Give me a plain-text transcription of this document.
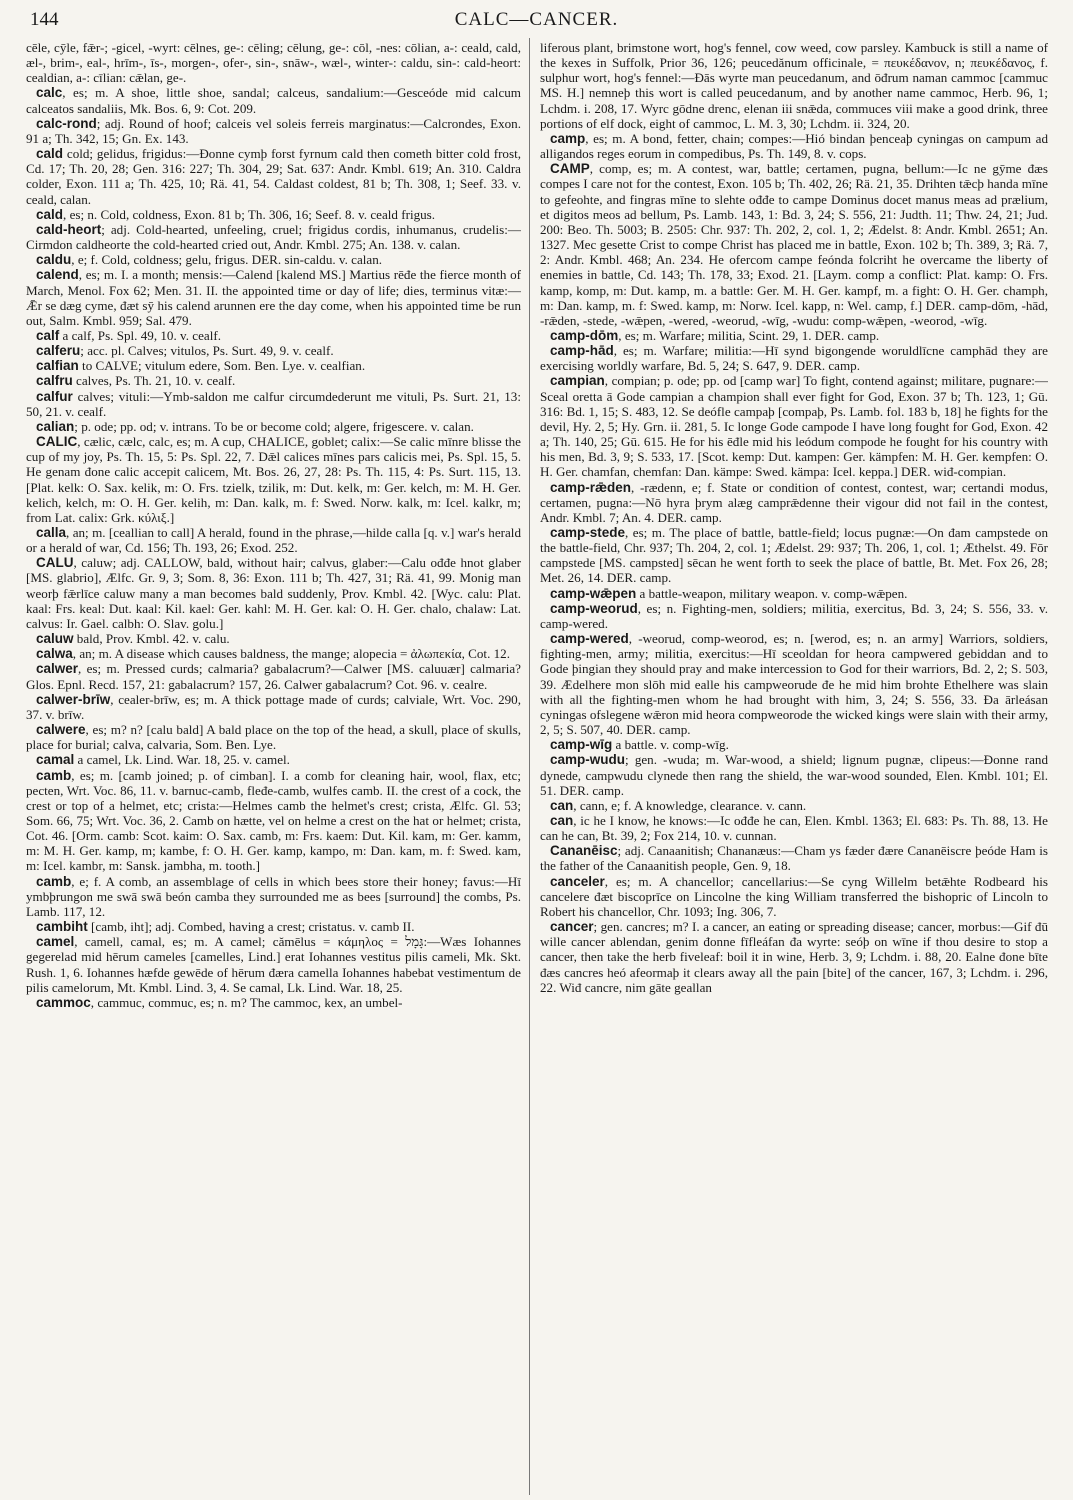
144	CALC—CANCER.

cēle, cȳle, fǣr-; -gicel, -wyrt: cēlnes, ge-: cēling; cēlung, ge-: cōl, -nes: cōlian, a-: ceald, cald, æl-, brim-, eal-, hrīm-, īs-, morgen-, ofer-, sin-, snāw-, wæl-, winter-: caldu, sin-: cald-heort: cealdian, a-: cīlian: cǣlan, ge-.

calc, es; m. A shoe, little shoe, sandal; calceus, sandalium:—Gesceóde mid calcum calceatos sandaliis, Mk. Bos. 6, 9: Cot. 209.

calc-rond; adj. Round of hoof; calceis vel soleis ferreis marginatus:—Calcrondes, Exon. 91 a; Th. 342, 15; Gn. Ex. 143.

cald cold; gelidus, frigidus:—Ðonne cymþ forst fyrnum cald then cometh bitter cold frost, Cd. 17; Th. 20, 28; Gen. 316: 227; Th. 304, 29; Sat. 637: Andr. Kmbl. 619; An. 310. Caldra colder, Exon. 111 a; Th. 425, 10; Rä. 41, 54. Caldast coldest, 81 b; Th. 308, 1; Seef. 33. v. ceald, calan.

cald, es; n. Cold, coldness, Exon. 81 b; Th. 306, 16; Seef. 8. v. ceald frigus.

cald-heort; adj. Cold-hearted, unfeeling, cruel; frigidus cordis, inhumanus, crudelis:—Cirmdon caldheorte the cold-hearted cried out, Andr. Kmbl. 275; An. 138. v. calan.

caldu, e; f. Cold, coldness; gelu, frigus. DER. sin-caldu. v. calan.

calend, es; m. I. a month; mensis:—Calend [kalend MS.] Martius rēđe the fierce month of March, Menol. Fox 62; Men. 31. II. the appointed time or day of life; dies, terminus vitæ:—Ǣr se dæg cyme, đæt sȳ his calend arunnen ere the day come, when his appointed time be run out, Salm. Kmbl. 959; Sal. 479.

calf a calf, Ps. Spl. 49, 10. v. cealf.

calferu; acc. pl. Calves; vitulos, Ps. Surt. 49, 9. v. cealf.

calfian to CALVE; vitulum edere, Som. Ben. Lye. v. cealfian.

calfru calves, Ps. Th. 21, 10. v. cealf.

calfur calves; vituli:—Ymb-saldon me calfur circumdederunt me vituli, Ps. Surt. 21, 13: 50, 21. v. cealf.

calian; p. ode; pp. od; v. intrans. To be or become cold; algere, frigescere. v. calan.

CALIC, cælic, cælc, calc, es; m. A cup, CHALICE, goblet; calix:—Se calic mīnre blisse the cup of my joy, Ps. Th. 15, 5: Ps. Spl. 22, 7. Dǣl calices mīnes pars calicis mei, Ps. Spl. 15, 5. He genam đone calic accepit calicem, Mt. Bos. 26, 27, 28: Ps. Th. 115, 4: Ps. Surt. 115, 13. [Plat. kelk: O. Sax. kelik, m: O. Frs. tzielk, tzilik, m: Dut. kelk, m: Ger. kelch, m: M. H. Ger. kelich, kelch, m: O. H. Ger. kelih, m: Dan. kalk, m. f: Swed. Norw. kalk, m: Icel. kalkr, m; from Lat. calix: Grk. κύλιξ.]

calla, an; m. [ceallian to call] A herald, found in the phrase,—hilde calla [q. v.] war's herald or a herald of war, Cd. 156; Th. 193, 26; Exod. 252.

CALU, caluw; adj. CALLOW, bald, without hair; calvus, glaber:—Calu ođđe hnot glaber [MS. glabrio], Ælfc. Gr. 9, 3; Som. 8, 36: Exon. 111 b; Th. 427, 31; Rä. 41, 99. Monig man weorþ fǣrlīce caluw many a man becomes bald suddenly, Prov. Kmbl. 42. [Wyc. calu: Plat. kaal: Frs. keal: Dut. kaal: Kil. kael: Ger. kahl: M. H. Ger. kal: O. H. Ger. chalo, chalaw: Lat. calvus: Ir. Gael. calbh: O. Slav. golu.]

caluw bald, Prov. Kmbl. 42. v. calu.

calwa, an; m. A disease which causes baldness, the mange; alopecia = ἀλωπεκία, Cot. 12.

calwer, es; m. Pressed curds; calmaria? gabalacrum?—Calwer [MS. caluuær] calmaria? Glos. Epnl. Recd. 157, 21: gabalacrum? 157, 26. Calwer gabalacrum? Cot. 96. v. cealre.

calwer-brīw, cealer-brīw, es; m. A thick pottage made of curds; calviale, Wrt. Voc. 290, 37. v. brīw.

calwere, es; m? n? [calu bald] A bald place on the top of the head, a skull, place of skulls, place for burial; calva, calvaria, Som. Ben. Lye.

camal a camel, Lk. Lind. War. 18, 25. v. camel.

camb, es; m. [camb joined; p. of cimban]. I. a comb for cleaning hair, wool, flax, etc; pecten, Wrt. Voc. 86, 11. v. barnuc-camb, fleđe-camb, wulfes camb. II. the crest of a cock, the crest or top of a helmet, etc; crista:—Helmes camb the helmet's crest; crista, Ælfc. Gl. 53; Som. 66, 75; Wrt. Voc. 36, 2. Camb on hætte, vel on helme a crest on the hat or helmet; crista, Cot. 46. [Orm. camb: Scot. kaim: O. Sax. camb, m: Frs. kaem: Dut. Kil. kam, m: Ger. kamm, m: M. H. Ger. kamp, m; kambe, f: O. H. Ger. kamp, kampo, m: Dan. kam, m. f: Swed. kam, m: Icel. kambr, m: Sansk. jambha, m. tooth.]

camb, e; f. A comb, an assemblage of cells in which bees store their honey; favus:—Hī ymbþrungon me swā swā beón camba they surrounded me as bees [surround] the combs, Ps. Lamb. 117, 12.

cambiht [camb, iht]; adj. Combed, having a crest; cristatus. v. camb II.

camel, camell, camal, es; m. A camel; cămēlus = κάμηλος = גָּמָל:—Wæs Iohannes gegerelad mid hērum cameles [camelles, Lind.] erat Iohannes vestitus pilis cameli, Mk. Skt. Rush. 1, 6. Iohannes hæfde gewēde of hērum đæra camella Iohannes habebat vestimentum de pilis camelorum, Mt. Kmbl. Lind. 3, 4. Se camal, Lk. Lind. War. 18, 25.

cammoc, cammuc, commuc, es; n. m? The cammoc, kex, an umbel-

liferous plant, brimstone wort, hog's fennel, cow weed, cow parsley. Kambuck is still a name of the kexes in Suffolk, Prior 36, 126; peucedănum officinale, = πευκέδανον, n; πευκέδανος, f. sulphur wort, hog's fennel:—Đās wyrte man peucedanum, and ōđrum naman cammoc [cammuc MS. H.] nemneþ this wort is called peucedanum, and by another name cammoc, Herb. 96, 1; Lchdm. i. 208, 17. Wyrc gōdne drenc, elenan iii snǣda, commuces viii make a good drink, three portions of elf dock, eight of cammoc, L. M. 3, 30; Lchdm. ii. 324, 20.

camp, es; m. A bond, fetter, chain; compes:—Hió bindan þenceaþ cyningas on campum ad alligandos reges eorum in compedibus, Ps. Th. 149, 8. v. cops.

CAMP, comp, es; m. A contest, war, battle; certamen, pugna, bellum:—Ic ne gȳme đæs compes I care not for the contest, Exon. 105 b; Th. 402, 26; Rä. 21, 35. Drihten tǣcþ handa mīne to gefeohte, and fingras mīne to slehte ođđe to campe Dominus docet manus meas ad prælium, et digitos meos ad bellum, Ps. Lamb. 143, 1: Bd. 3, 24; S. 556, 21: Judth. 11; Thw. 24, 21; Jud. 200: Beo. Th. 5003; B. 2505: Chr. 937: Th. 202, 2, col. 1, 2; Ædelst. 8: Andr. Kmbl. 2651; An. 1327. Mec gesette Crist to compe Christ has placed me in battle, Exon. 102 b; Th. 389, 3; Rä. 7, 2: Andr. Kmbl. 468; An. 234. He ofercom campe feónda folcriht he overcame the liberty of enemies in battle, Cd. 143; Th. 178, 33; Exod. 21. [Laym. comp a conflict: Plat. kamp: O. Frs. kamp, komp, m: Dut. kamp, m. a battle: Ger. M. H. Ger. kampf, m. a fight: O. H. Ger. champh, m: Dan. kamp, m. f: Swed. kamp, m: Norw. Icel. kapp, n: Wel. camp, f.] DER. camp-dōm, -hād, -rǣden, -stede, -wǣpen, -wered, -weorud, -wīg, -wudu: comp-wǣpen, -weorod, -wīg.

camp-dōm, es; m. Warfare; militia, Scint. 29, 1. DER. camp.

camp-hād, es; m. Warfare; militia:—Hī synd bigongende woruldlīcne camphād they are exercising worldly warfare, Bd. 5, 24; S. 647, 9. DER. camp.

campian, compian; p. ode; pp. od [camp war] To fight, contend against; militare, pugnare:—Sceal oretta ā Gode campian a champion shall ever fight for God, Exon. 37 b; Th. 123, 1; Gū. 316: Bd. 1, 15; S. 483, 12. Se deófle campaþ [compaþ, Ps. Lamb. fol. 183 b, 18] he fights for the devil, Hy. 2, 5; Hy. Grn. ii. 281, 5. Ic longe Gode campode I have long fought for God, Exon. 42 a; Th. 140, 25; Gū. 615. He for his ēđle mid his leódum compode he fought for his country with his men, Bd. 3, 9; S. 533, 17. [Scot. kemp: Dut. kampen: Ger. kämpfen: M. H. Ger. kempfen: O. H. Ger. chamfan, chemfan: Dan. kämpe: Swed. kämpa: Icel. keppa.] DER. wiđ-compian.

camp-rǣden, -rædenn, e; f. State or condition of contest, contest, war; certandi modus, certamen, pugna:—Nō hyra þrym alæg camprǣdenne their vigour did not fail in the contest, Andr. Kmbl. 7; An. 4. DER. camp.

camp-stede, es; m. The place of battle, battle-field; locus pugnæ:—On đam campstede on the battle-field, Chr. 937; Th. 204, 2, col. 1; Ædelst. 29: 937; Th. 206, 1, col. 1; Æthelst. 49. Fōr campstede [MS. campsted] sēcan he went forth to seek the place of battle, Bt. Met. Fox 26, 28; Met. 26, 14. DER. camp.

camp-wǣpen a battle-weapon, military weapon. v. comp-wǣpen.

camp-weorud, es; n. Fighting-men, soldiers; militia, exercitus, Bd. 3, 24; S. 556, 33. v. camp-wered.

camp-wered, -weorud, comp-weorod, es; n. [werod, es; n. an army] Warriors, soldiers, fighting-men, army; militia, exercitus:—Hī sceoldan for heora campwered gebiddan and to Gode þingian they should pray and make intercession to God for their warriors, Bd. 2, 2; S. 503, 39. Ædelhere mon slōh mid ealle his campweorude đe he mid him brohte Ethelhere was slain with all the fighting-men whom he had brought with him, 3, 24; S. 556, 33. Đa ārleásan cyningas ofslegene wǣron mid heora compweorode the wicked kings were slain with their army, 2, 5; S. 507, 40. DER. camp.

camp-wīg a battle. v. comp-wīg.

camp-wudu; gen. -wuda; m. War-wood, a shield; lignum pugnæ, clipeus:—Đonne rand dynede, campwudu clynede then rang the shield, the war-wood sounded, Elen. Kmbl. 101; El. 51. DER. camp.

can, cann, e; f. A knowledge, clearance. v. cann.

can, ic he I know, he knows:—Ic ođđe he can, Elen. Kmbl. 1363; El. 683: Ps. Th. 88, 13. He can he can, Bt. 39, 2; Fox 214, 10. v. cunnan.

Cananēisc; adj. Canaanitish; Chananæus:—Cham ys fæder đære Cananēiscre þeóde Ham is the father of the Canaanitish people, Gen. 9, 18.

canceler, es; m. A chancellor; cancellarius:—Se cyng Willelm betǣhte Rodbeard his cancelere đæt biscoprīce on Lincolne the king William transferred the bishopric of Lincoln to Robert his chancellor, Chr. 1093; Ing. 306, 7.

cancer; gen. cancres; m? I. a cancer, an eating or spreading disease; cancer, morbus:—Gif đū wille cancer ablendan, genim đonne fīfleáfan đa wyrte: seóþ on wīne if thou desire to stop a cancer, then take the herb fiveleaf: boil it in wine, Herb. 3, 9; Lchdm. i. 88, 20. Ealne đone bīte đæs cancres heó afeormaþ it clears away all the pain [bite] of the cancer, 167, 3; Lchdm. i. 296, 22. Wiđ cancre, nim gāte geallan
